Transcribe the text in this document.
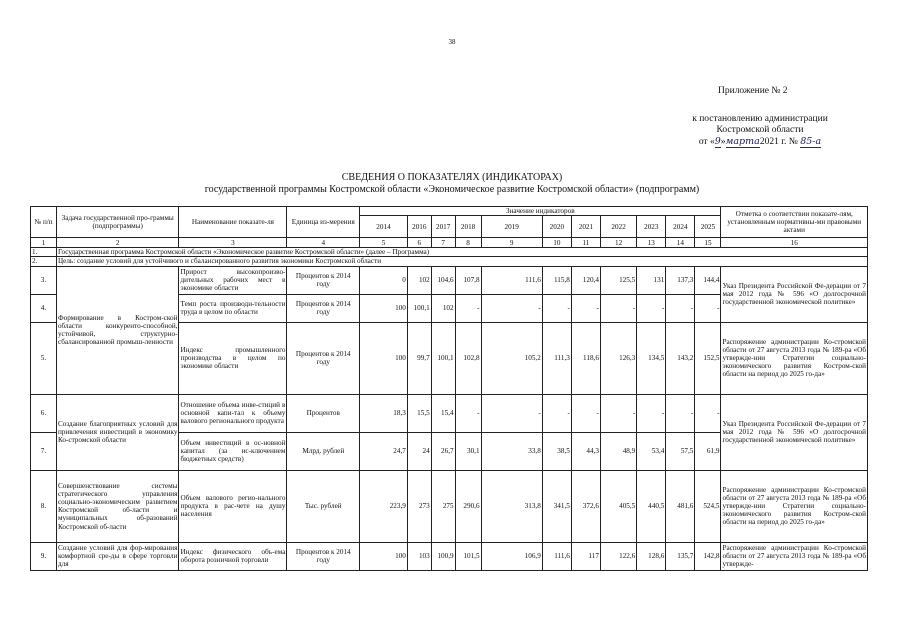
38
Приложение № 2
к постановлению администрации
Костромской области
от «9»марта2021 г. № 85-а
СВЕДЕНИЯ О ПОКАЗАТЕЛЯХ (ИНДИКАТОРАХ)
государственной программы Костромской области «Экономическое развитие Костромской области» (подпрограмм)
№ п/п	Задача государственной про-граммы (подпрограммы)	Наименование показате-ля	Единица из-мерения	Значение индикаторов											Отметка о соответствии показате-лям, установленным нормативны-ми правовыми актами
				2014	2016	2017	2018	2019	2020	2021	2022	2023	2024	2025	
1	2	3	4	5	6	7	8	9	10	11	12	13	14	15	16
1.	Государственная программа Костромской области «Экономическое развитие Костромской области» (далее – Программа)														
2.	Цель: создание условий для устойчивого и сбалансированного развития экономики Костромской области														
3.	Формирование в Костром-ской области конкуренто-способной, устойчивой, структурно-сбалансированной промыш-ленности	Прирост высокопроизво-дительных рабочих мест в экономике области	Процентов к 2014 году	0	102	104,6	107,8	111,6	115,8	120,4	125,5	131	137,3	144,4	Указ Президента Российской Фе-дерации от 7 мая 2012 года № 596 «О долгосрочной государственной экономической политике»
4.		Темп роста производи-тельности труда в целом по области	Процентов к 2014 году	100	100,1	102	-	-	-	-	-	-	-	-	
5.		Индекс промышленного производства в целом по экономике области	Процентов к 2014 году	100	99,7	100,1	102,8	105,2	111,3	118,6	126,3	134,5	143,2	152,5	Распоряжение администрации Ко-стромской области от 27 августа 2013 года № 189-ра «Об утвержде-нии Стратегии социально-экономического развития Костром-ской области на период до 2025 го-да»
6.	Создание благоприятных условий для привлечения инвестиций в экономику Ко-стромской области	Отношение объема инве-стиций в основной капи-тал к объему валового регионального продукта	Процентов	18,3	15,5	15,4	-	-	-	-	-	-	-	-	Указ Президента Российской Фе-дерации от 7 мая 2012 года № 596 «О долгосрочной государственной экономической политике»
7.		Объем инвестиций в ос-новной капитал (за ис-ключением бюджетных средств)	Млрд. рублей	24,7	24	26,7	30,1	33,8	38,5	44,3	48,9	53,4	57,5	61,9	
8.	Совершенствование системы стратегического управления социально-экономическим развитием Костромской об-ласти и муниципальных об-разований Костромской об-ласти	Объем валового регио-нального продукта в рас-чете на душу населения	Тыс. рублей	223,9	273	275	290,6	313,8	341,5	372,6	405,5	440,5	481,6	524,5	Распоряжение администрации Ко-стромской области от 27 августа 2013 года № 189-ра «Об утвержде-нии Стратегии социально-экономического развития Костром-ской области на период до 2025 го-да»
9.	Создание условий для фор-мирования комфортной сре-ды в сфере торговли для	Индекс физического объ-ема оборота розничной торговли	Процентов к 2014 году	100	103	100,9	101,5	106,9	111,6	117	122,6	128,6	135,7	142,8	Распоряжение администрации Ко-стромской области от 27 августа 2013 года № 189-ра «Об утвержде-
